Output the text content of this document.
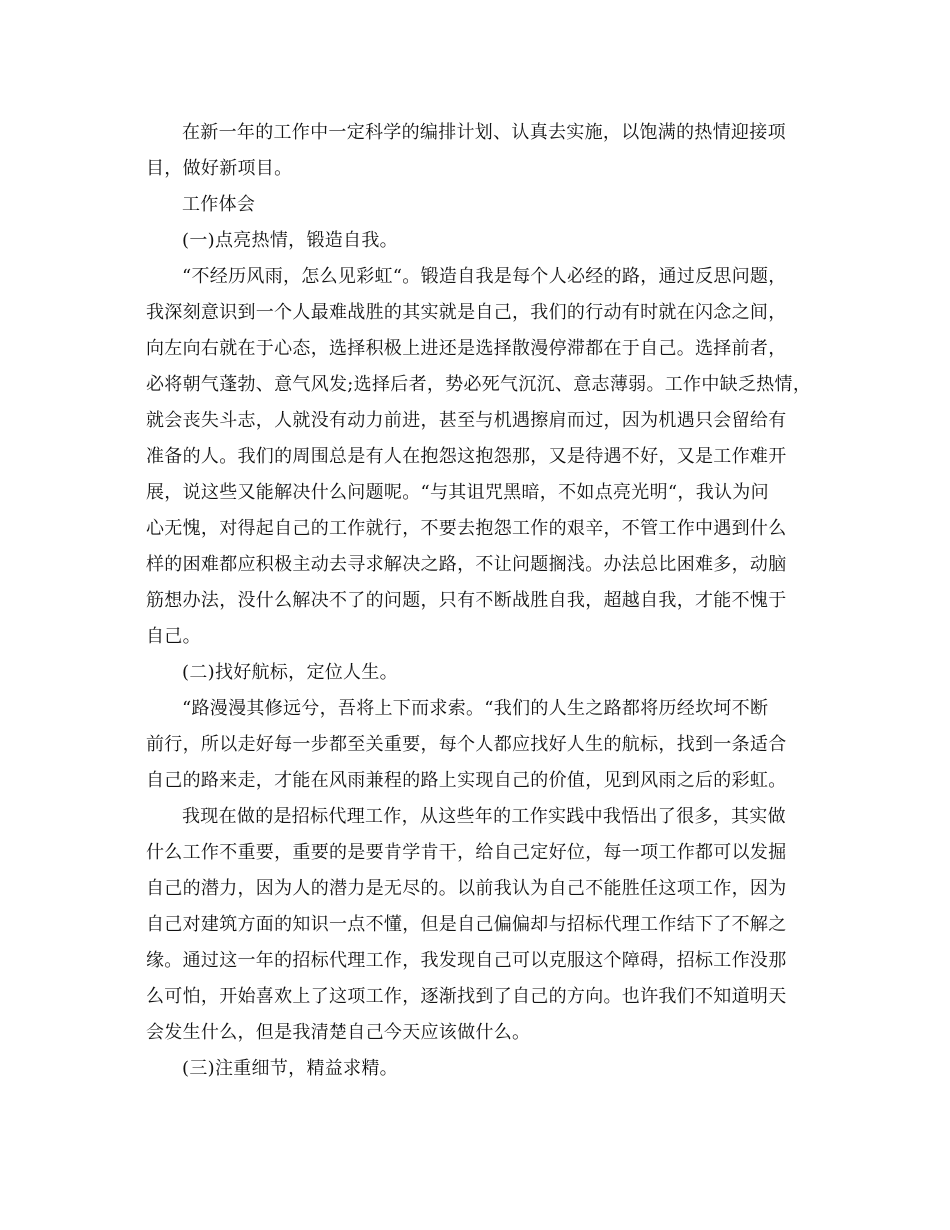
在新一年的工作中一定科学的编排计划、认真去实施，以饱满的热情迎接项
目，做好新项目。
工作体会
(一)点亮热情，锻造自我。
“不经历风雨，怎么见彩虹“。锻造自我是每个人必经的路，通过反思问题，
我深刻意识到一个人最难战胜的其实就是自己，我们的行动有时就在闪念之间，
向左向右就在于心态，选择积极上进还是选择散漫停滞都在于自己。选择前者，
必将朝气蓬勃、意气风发;选择后者，势必死气沉沉、意志薄弱。工作中缺乏热情，
就会丧失斗志，人就没有动力前进，甚至与机遇擦肩而过，因为机遇只会留给有
准备的人。我们的周围总是有人在抱怨这抱怨那，又是待遇不好，又是工作难开
展，说这些又能解决什么问题呢。“与其诅咒黑暗，不如点亮光明“，我认为问
心无愧，对得起自己的工作就行，不要去抱怨工作的艰辛，不管工作中遇到什么
样的困难都应积极主动去寻求解决之路，不让问题搁浅。办法总比困难多，动脑
筋想办法，没什么解决不了的问题，只有不断战胜自我，超越自我，才能不愧于
自己。
(二)找好航标，定位人生。
“路漫漫其修远兮，吾将上下而求索。“我们的人生之路都将历经坎坷不断
前行，所以走好每一步都至关重要，每个人都应找好人生的航标，找到一条适合
自己的路来走，才能在风雨兼程的路上实现自己的价值，见到风雨之后的彩虹。
我现在做的是招标代理工作，从这些年的工作实践中我悟出了很多，其实做
什么工作不重要，重要的是要肯学肯干，给自己定好位，每一项工作都可以发掘
自己的潜力，因为人的潜力是无尽的。以前我认为自己不能胜任这项工作，因为
自己对建筑方面的知识一点不懂，但是自己偏偏却与招标代理工作结下了不解之
缘。通过这一年的招标代理工作，我发现自己可以克服这个障碍，招标工作没那
么可怕，开始喜欢上了这项工作，逐渐找到了自己的方向。也许我们不知道明天
会发生什么，但是我清楚自己今天应该做什么。
(三)注重细节，精益求精。
